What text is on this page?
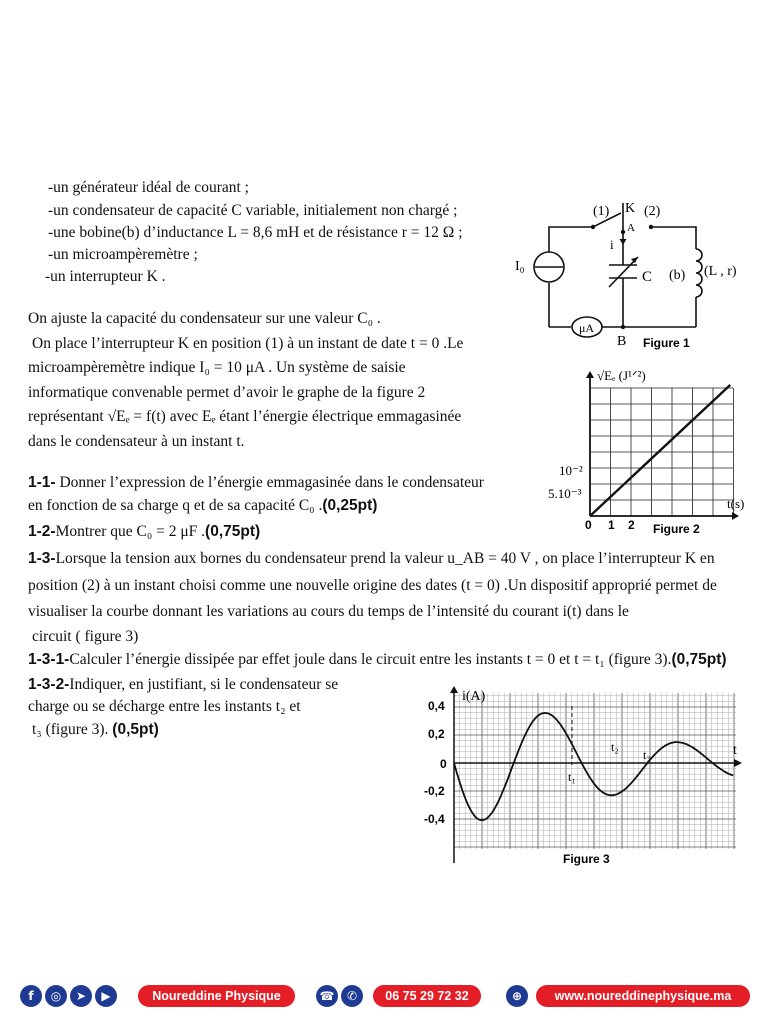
-un générateur idéal de courant ;
-un condensateur de capacité C variable, initialement non chargé ;
-une bobine(b) d’inductance L = 8,6 mH et de résistance r = 12 Ω ;
-un microampèremètre ;
-un interrupteur K .
On ajuste la capacité du condensateur sur une valeur C₀ .
On place l’interrupteur K en position (1) à un instant de date t = 0 .Le
microampèremètre indique I₀ = 10 μA . Un système de saisie
informatique convenable permet d’avoir le graphe de la figure 2
représentant √Eₑ = f(t) avec Eₑ étant l’énergie électrique emmagasinée
dans le condensateur à un instant t.
1-1- Donner l’expression de l’énergie emmagasinée dans le condensateur
en fonction de sa charge q et de sa capacité C₀ .(0,25pt)
1-2-Montrer que C₀ = 2 μF .(0,75pt)
1-3-Lorsque la tension aux bornes du condensateur prend la valeur u_AB = 40 V , on place l’interrupteur K en
position (2) à un instant choisi comme une nouvelle origine des dates (t = 0) .Un dispositif approprié permet de
visualiser la courbe donnant les variations au cours du temps de l’intensité du courant i(t) dans le
circuit ( figure 3)
1-3-1-Calculer l’énergie dissipée par effet joule dans le circuit entre les instants t = 0 et t = t₁ (figure 3).(0,75pt)
1-3-2-Indiquer, en justifiant, si le condensateur se
charge ou se décharge entre les instants t₂ et
t₃ (figure 3). (0,5pt)
(1) K (2)
A
i
I₀
C (b) (L , r)
μA
B Figure 1
√Eₑ (J¹ᐟ²)
t(s)
10⁻²
5.10⁻³
0 1 2 Figure 2
i(A)
t
0,4
0,2
0
-0,2
-0,4
t₁
t₂
t₃
Figure 3
f	◎	➤	▶	Noureddine Physique	☎	✆	06 75 29 72 32	⊕	www.noureddinephysique.ma
